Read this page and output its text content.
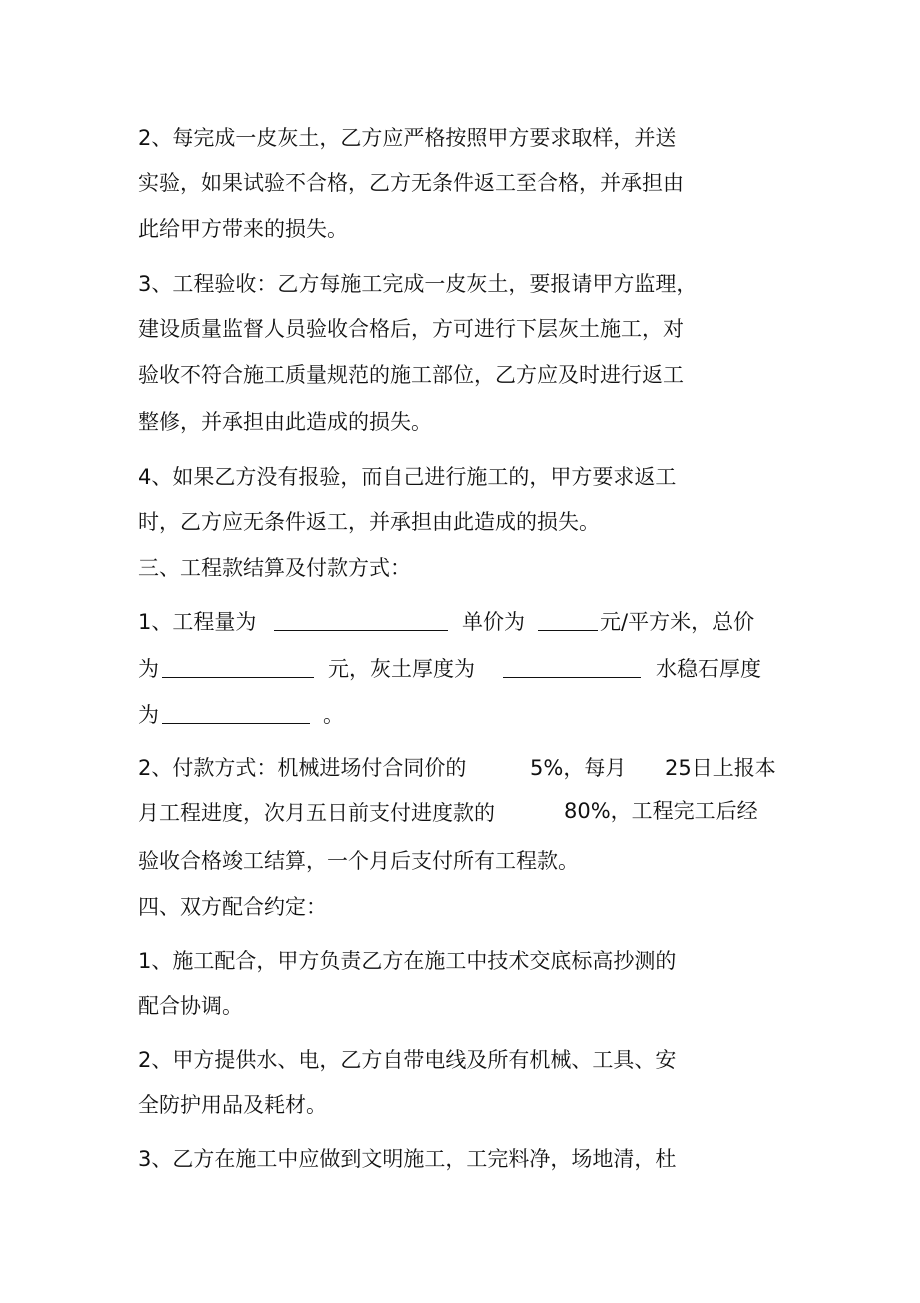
2、每完成一皮灰土，乙方应严格按照甲方要求取样，并送
实验，如果试验不合格，乙方无条件返工至合格，并承担由
此给甲方带来的损失。
3、工程验收：乙方每施工完成一皮灰土，要报请甲方监理，
建设质量监督人员验收合格后，方可进行下层灰土施工，对
验收不符合施工质量规范的施工部位，乙方应及时进行返工
整修，并承担由此造成的损失。
4、如果乙方没有报验，而自己进行施工的，甲方要求返工
时，乙方应无条件返工，并承担由此造成的损失。
三、工程款结算及付款方式：
1、工程量为	单价为	元/平方米，总价
为	元，灰土厚度为	水稳石厚度
为	。
2、付款方式：机械进场付合同价的	5%，每月 25日上报本
月工程进度，次月五日前支付进度款的	80%，工程完工后经
验收合格竣工结算，一个月后支付所有工程款。
四、双方配合约定：
1、施工配合，甲方负责乙方在施工中技术交底标高抄测的
配合协调。
2、甲方提供水、电，乙方自带电线及所有机械、工具、安
全防护用品及耗材。
3、乙方在施工中应做到文明施工，工完料净，场地清，杜
